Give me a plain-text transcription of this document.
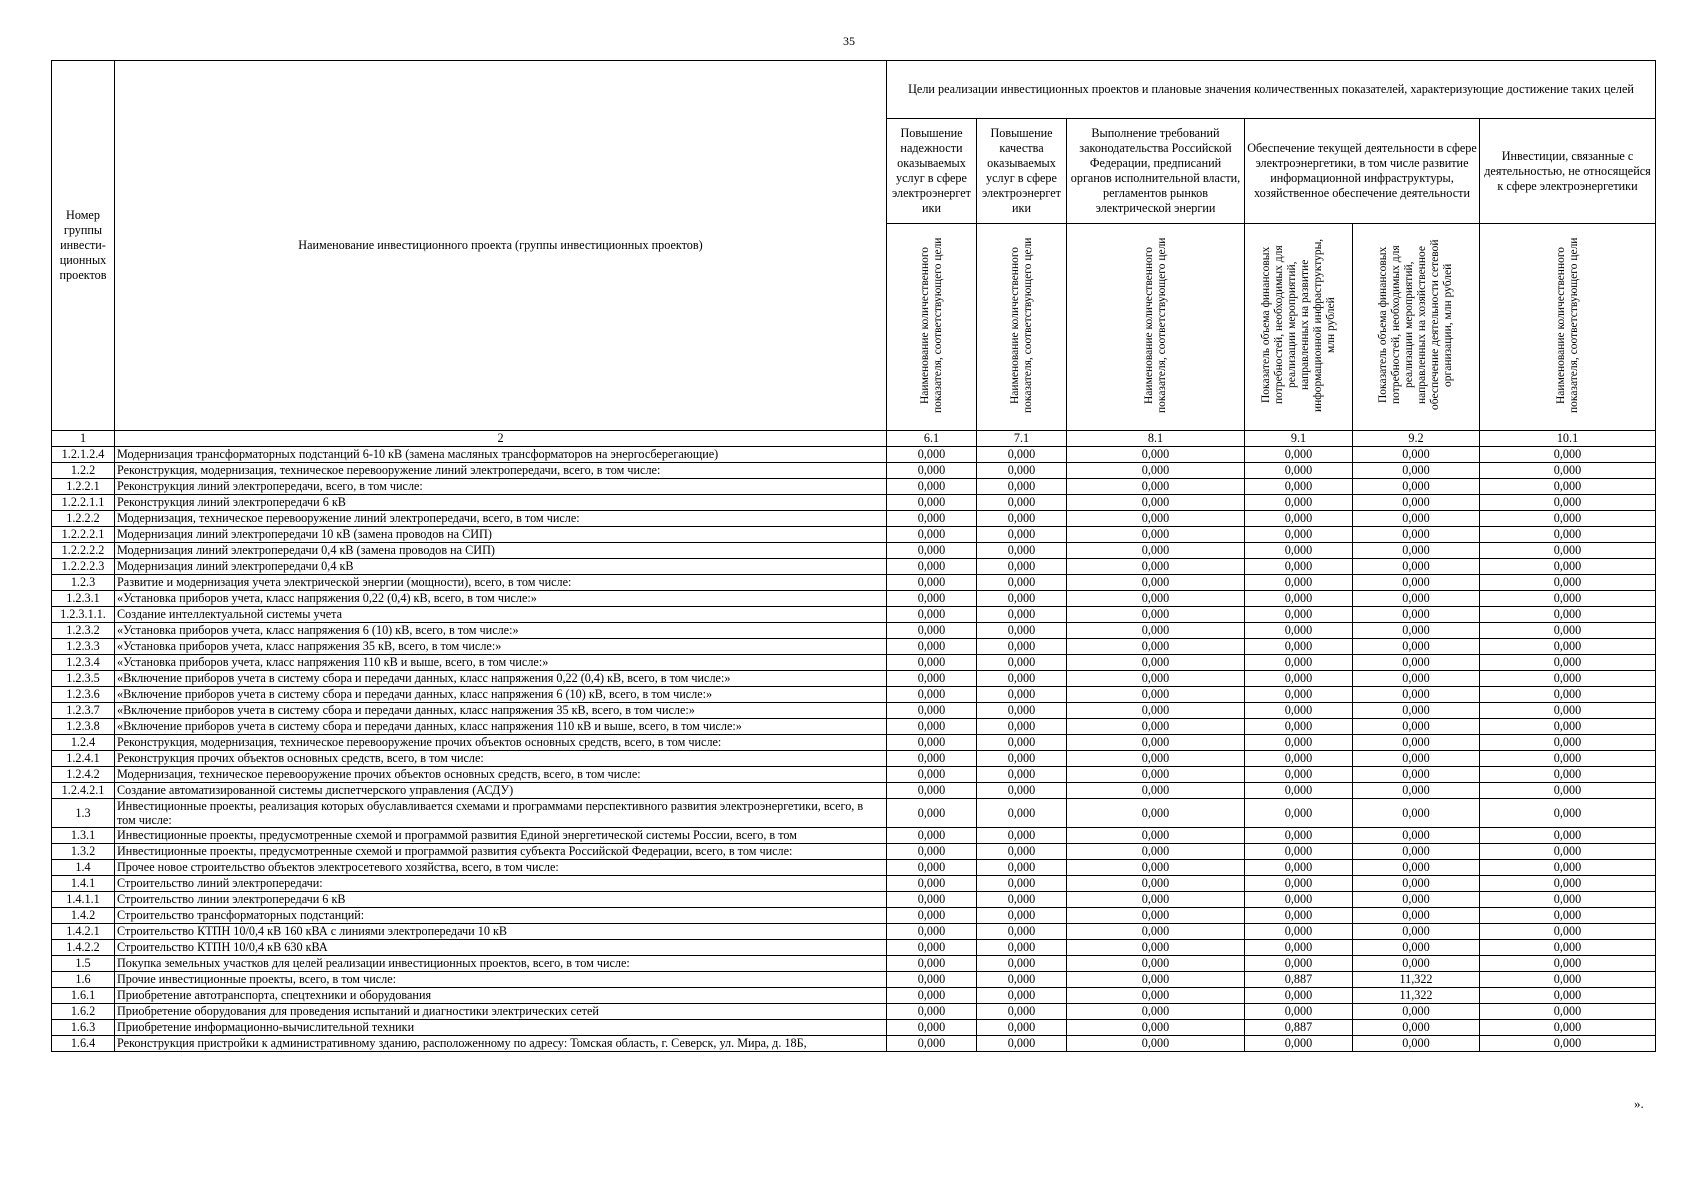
35
Номер группы инвести-ционных проектов	Наименование инвестиционного проекта (группы инвестиционных проектов)	Цели реализации инвестиционных проектов и плановые значения количественных показателей, характеризующие достижение таких целей					
		Повышение надежности оказываемых услуг в сфере электроэнергет ики	Повышение качества оказываемых услуг в сфере электроэнергет ики	Выполнение требований законодательства Российской Федерации, предписаний органов исполнительной власти, регламентов рынков электрической энергии	Обеспечение текущей деятельности в сфере электроэнергетики, в том числе развитие информационной инфраструктуры, хозяйственное обеспечение деятельности		Инвестиции, связанные с деятельностью, не относящейся к сфере электроэнергетики
		Наименование количественного показателя, соответствующего цели	Наименование количественного показателя, соответствующего цели	Наименование количественного показателя, соответствующего цели	Показатель объема финансовых потребностей, необходимых для реализации мероприятий, направленных на развитие информационной инфраструктуры, млн рублей	Показатель объема финансовых потребностей, необходимых для реализации мероприятий, направленных на хозяйственное обеспечение деятельности сетевой организации, млн рублей	Наименование количественного показателя, соответствующего цели
1	2	6.1	7.1	8.1	9.1	9.2	10.1
1.2.1.2.4	Модернизация трансформаторных подстанций 6-10 кВ (замена масляных трансформаторов на энергосберегающие)	0,000	0,000	0,000	0,000	0,000	0,000
1.2.2	Реконструкция, модернизация, техническое перевооружение линий электропередачи, всего, в том числе:	0,000	0,000	0,000	0,000	0,000	0,000
1.2.2.1	Реконструкция линий электропередачи, всего, в том числе:	0,000	0,000	0,000	0,000	0,000	0,000
1.2.2.1.1	Реконструкция линий электропередачи 6 кВ	0,000	0,000	0,000	0,000	0,000	0,000
1.2.2.2	Модернизация, техническое перевооружение линий электропередачи, всего, в том числе:	0,000	0,000	0,000	0,000	0,000	0,000
1.2.2.2.1	Модернизация линий электропередачи 10 кВ (замена проводов на СИП)	0,000	0,000	0,000	0,000	0,000	0,000
1.2.2.2.2	Модернизация линий электропередачи 0,4 кВ (замена проводов на СИП)	0,000	0,000	0,000	0,000	0,000	0,000
1.2.2.2.3	Модернизация линий электропередачи 0,4 кВ	0,000	0,000	0,000	0,000	0,000	0,000
1.2.3	Развитие и модернизация учета электрической энергии (мощности), всего, в том числе:	0,000	0,000	0,000	0,000	0,000	0,000
1.2.3.1	«Установка приборов учета, класс напряжения 0,22 (0,4) кВ, всего, в том числе:»	0,000	0,000	0,000	0,000	0,000	0,000
1.2.3.1.1.	Создание интеллектуальной системы учета	0,000	0,000	0,000	0,000	0,000	0,000
1.2.3.2	«Установка приборов учета, класс напряжения 6 (10) кВ, всего, в том числе:»	0,000	0,000	0,000	0,000	0,000	0,000
1.2.3.3	«Установка приборов учета, класс напряжения 35 кВ, всего, в том числе:»	0,000	0,000	0,000	0,000	0,000	0,000
1.2.3.4	«Установка приборов учета, класс напряжения 110 кВ и выше, всего, в том числе:»	0,000	0,000	0,000	0,000	0,000	0,000
1.2.3.5	«Включение приборов учета в систему сбора и передачи данных, класс напряжения 0,22 (0,4) кВ, всего, в том числе:»	0,000	0,000	0,000	0,000	0,000	0,000
1.2.3.6	«Включение приборов учета в систему сбора и передачи данных, класс напряжения 6 (10) кВ, всего, в том числе:»	0,000	0,000	0,000	0,000	0,000	0,000
1.2.3.7	«Включение приборов учета в систему сбора и передачи данных, класс напряжения 35 кВ, всего, в том числе:»	0,000	0,000	0,000	0,000	0,000	0,000
1.2.3.8	«Включение приборов учета в систему сбора и передачи данных, класс напряжения 110 кВ и выше, всего, в том числе:»	0,000	0,000	0,000	0,000	0,000	0,000
1.2.4	Реконструкция, модернизация, техническое перевооружение прочих объектов основных средств, всего, в том числе:	0,000	0,000	0,000	0,000	0,000	0,000
1.2.4.1	Реконструкция прочих объектов основных средств, всего, в том числе:	0,000	0,000	0,000	0,000	0,000	0,000
1.2.4.2	Модернизация, техническое перевооружение прочих объектов основных средств, всего, в том числе:	0,000	0,000	0,000	0,000	0,000	0,000
1.2.4.2.1	Создание автоматизированной системы диспетчерского управления (АСДУ)	0,000	0,000	0,000	0,000	0,000	0,000
1.3	Инвестиционные проекты, реализация которых обуславливается схемами и программами перспективного развития электроэнергетики, всего, в том числе:	0,000	0,000	0,000	0,000	0,000	0,000
1.3.1	Инвестиционные проекты, предусмотренные схемой и программой развития Единой энергетической системы России, всего, в том	0,000	0,000	0,000	0,000	0,000	0,000
1.3.2	Инвестиционные проекты, предусмотренные схемой и программой развития субъекта Российской Федерации, всего, в том числе:	0,000	0,000	0,000	0,000	0,000	0,000
1.4	Прочее новое строительство объектов электросетевого хозяйства, всего, в том числе:	0,000	0,000	0,000	0,000	0,000	0,000
1.4.1	Строительство линий электропередачи:	0,000	0,000	0,000	0,000	0,000	0,000
1.4.1.1	Строительство линии электропередачи 6 кВ	0,000	0,000	0,000	0,000	0,000	0,000
1.4.2	Строительство трансформаторных подстанций:	0,000	0,000	0,000	0,000	0,000	0,000
1.4.2.1	Строительство КТПН 10/0,4 кВ 160 кВА с линиями электропередачи 10 кВ	0,000	0,000	0,000	0,000	0,000	0,000
1.4.2.2	Строительство КТПН 10/0,4 кВ 630 кВА	0,000	0,000	0,000	0,000	0,000	0,000
1.5	Покупка земельных участков для целей реализации инвестиционных проектов, всего, в том числе:	0,000	0,000	0,000	0,000	0,000	0,000
1.6	Прочие инвестиционные проекты, всего, в том числе:	0,000	0,000	0,000	0,887	11,322	0,000
1.6.1	Приобретение автотранспорта, спецтехники и оборудования	0,000	0,000	0,000	0,000	11,322	0,000
1.6.2	Приобретение оборудования для проведения испытаний и диагностики электрических сетей	0,000	0,000	0,000	0,000	0,000	0,000
1.6.3	Приобретение информационно-вычислительной техники	0,000	0,000	0,000	0,887	0,000	0,000
1.6.4	Реконструкция пристройки к административному зданию, расположенному по адресу: Томская область, г. Северск, ул. Мира, д. 18Б,	0,000	0,000	0,000	0,000	0,000	0,000
».
